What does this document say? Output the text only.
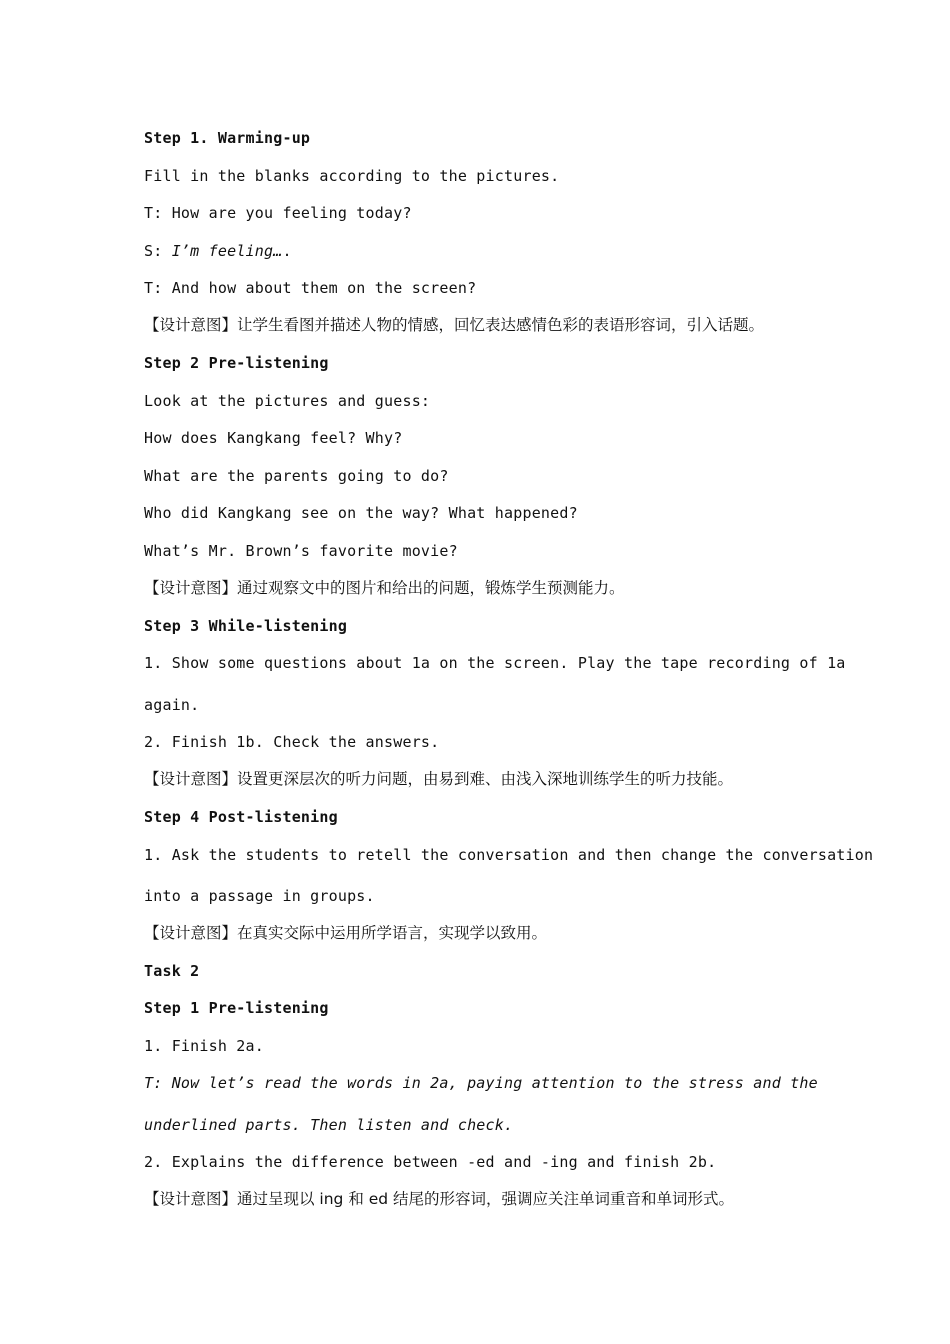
Step 1. Warming-up
Fill in the blanks according to the pictures.
T: How are you feeling today?
S: I’m feeling….
T: And how about them on the screen?
【设计意图】让学生看图并描述人物的情感，回忆表达感情色彩的表语形容词，引入话题。
Step 2 Pre-listening
Look at the pictures and guess:
How does Kangkang feel? Why?
What are the parents going to do?
Who did Kangkang see on the way? What happened?
What’s Mr. Brown’s favorite movie?
【设计意图】通过观察文中的图片和给出的问题，锻炼学生预测能力。
Step 3 While-listening
1. Show some questions about 1a on the screen. Play the tape recording of 1a
again.
2. Finish 1b. Check the answers.
【设计意图】设置更深层次的听力问题，由易到难、由浅入深地训练学生的听力技能。
Step 4 Post-listening
1. Ask the students to retell the conversation and then change the conversation
into a passage in groups.
【设计意图】在真实交际中运用所学语言，实现学以致用。
Task 2
Step 1 Pre-listening
1. Finish 2a.
T: Now let’s read the words in 2a, paying attention to the stress and the
underlined parts. Then listen and check.
2. Explains the difference between -ed and -ing and finish 2b.
【设计意图】通过呈现以 ing 和 ed 结尾的形容词，强调应关注单词重音和单词形式。
